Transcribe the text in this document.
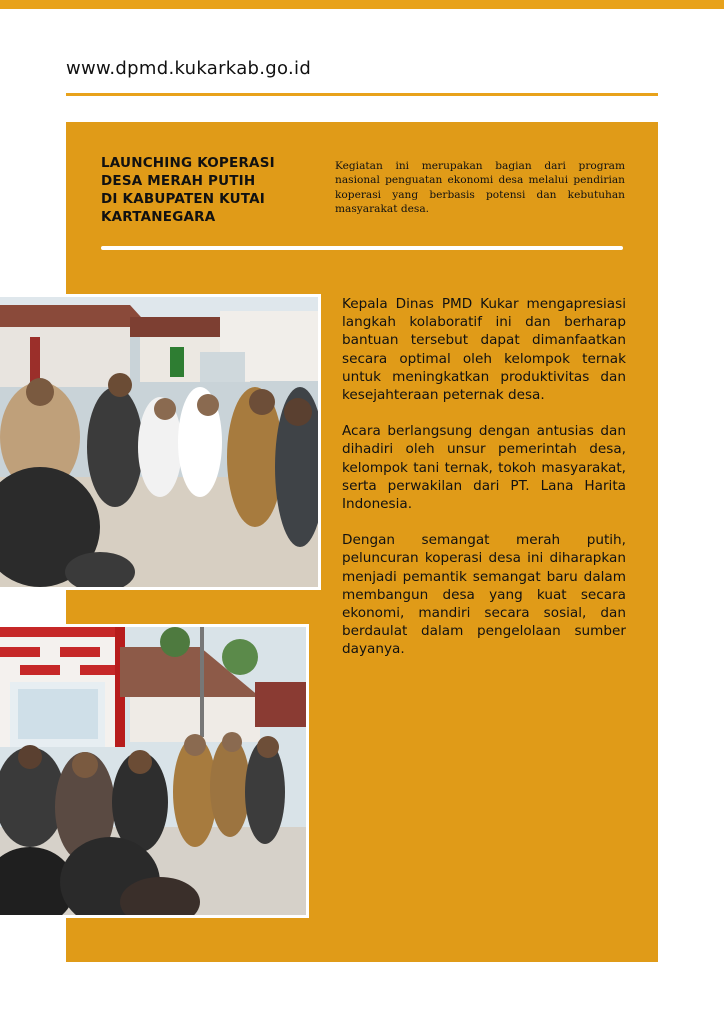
www.dpmd.kukarkab.go.id
LAUNCHING KOPERASI DESA MERAH PUTIH DI KABUPATEN KUTAI KARTANEGARA
Kegiatan ini merupakan bagian dari program nasional penguatan ekonomi desa melalui pendirian koperasi yang berbasis potensi dan kebutuhan masyarakat desa.

Kepala Dinas PMD Kukar mengapresiasi langkah kolaboratif ini dan berharap bantuan tersebut dapat dimanfaatkan secara optimal oleh kelompok ternak untuk meningkatkan produktivitas dan kesejahteraan peternak desa.

Acara berlangsung dengan antusias dan dihadiri oleh unsur pemerintah desa, kelompok tani ternak, tokoh masyarakat, serta perwakilan dari PT. Lana Harita Indonesia.

Dengan semangat merah putih, peluncuran koperasi desa ini diharapkan menjadi pemantik semangat baru dalam membangun desa yang kuat secara ekonomi, mandiri secara sosial, dan berdaulat dalam pengelolaan sumber dayanya.
